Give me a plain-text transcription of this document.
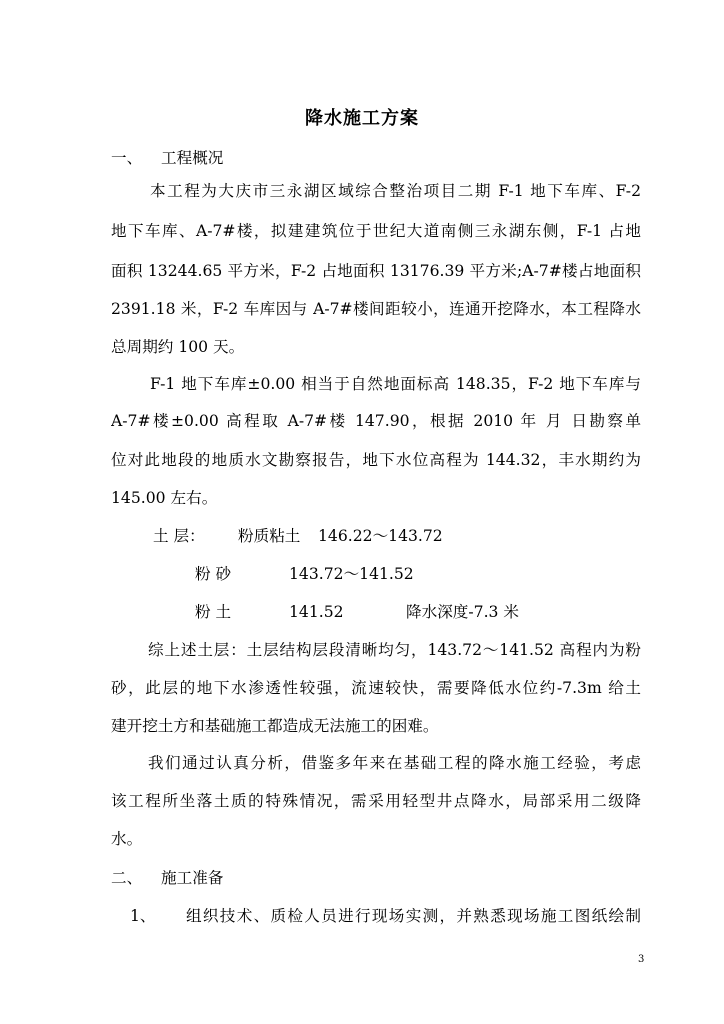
降水施工方案
一、 工程概况
本工程为大庆市三永湖区域综合整治项目二期 F-1 地下车库、F-2
地下车库、A-7#楼，拟建建筑位于世纪大道南侧三永湖东侧，F-1 占地
面积 13244.65 平方米，F-2 占地面积 13176.39 平方米;A-7#楼占地面积
2391.18 米，F-2 车库因与 A-7#楼间距较小，连通开挖降水，本工程降水
总周期约 100 天。
F-1 地下车库±0.00 相当于自然地面标高 148.35，F-2 地下车库与
A-7#楼±0.00 高程取 A-7#楼 147.90，根据 2010 年 月 日勘察单
位对此地段的地质水文勘察报告，地下水位高程为 144.32，丰水期约为
145.00 左右。
土 层： 粉质粘土 146.22～143.72
粉 砂	143.72～141.52
粉 土	141.52	降水深度-7.3 米
综上述土层：土层结构层段清晰均匀，143.72～141.52 高程内为粉
砂，此层的地下水渗透性较强，流速较快，需要降低水位约-7.3m 给土
建开挖土方和基础施工都造成无法施工的困难。
我们通过认真分析，借鉴多年来在基础工程的降水施工经验，考虑
该工程所坐落土质的特殊情况，需采用轻型井点降水，局部采用二级降
水。
二、 施工准备
1、 组织技术、质检人员进行现场实测，并熟悉现场施工图纸绘制
3
